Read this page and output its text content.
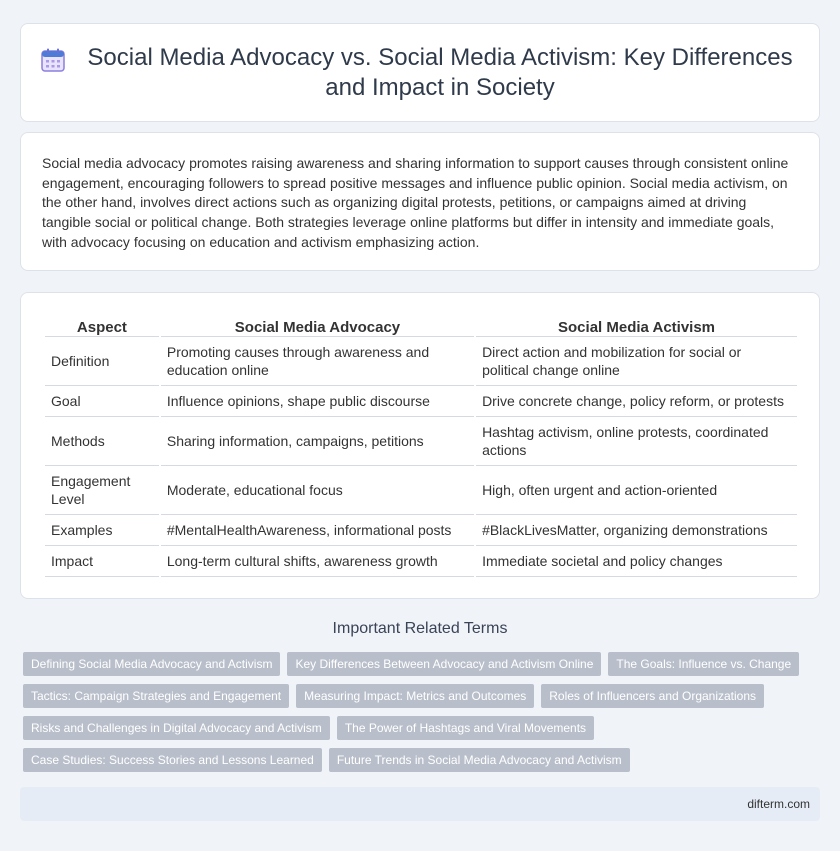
Social Media Advocacy vs. Social Media Activism: Key Differences and Impact in Society

Social media advocacy promotes raising awareness and sharing information to support causes through consistent online engagement, encouraging followers to spread positive messages and influence public opinion. Social media activism, on the other hand, involves direct actions such as organizing digital protests, petitions, or campaigns aimed at driving tangible social or political change. Both strategies leverage online platforms but differ in intensity and immediate goals, with advocacy focusing on education and activism emphasizing action.

Aspect	Social Media Advocacy	Social Media Activism
Definition	Promoting causes through awareness and education online	Direct action and mobilization for social or political change online
Goal	Influence opinions, shape public discourse	Drive concrete change, policy reform, or protests
Methods	Sharing information, campaigns, petitions	Hashtag activism, online protests, coordinated actions
Engagement Level	Moderate, educational focus	High, often urgent and action-oriented
Examples	#MentalHealthAwareness, informational posts	#BlackLivesMatter, organizing demonstrations
Impact	Long-term cultural shifts, awareness growth	Immediate societal and policy changes
Important Related Terms
Defining Social Media Advocacy and Activism	Key Differences Between Advocacy and Activism Online	The Goals: Influence vs. Change
Tactics: Campaign Strategies and Engagement	Measuring Impact: Metrics and Outcomes	Roles of Influencers and Organizations
Risks and Challenges in Digital Advocacy and Activism	The Power of Hashtags and Viral Movements
Case Studies: Success Stories and Lessons Learned	Future Trends in Social Media Advocacy and Activism
difterm.com
